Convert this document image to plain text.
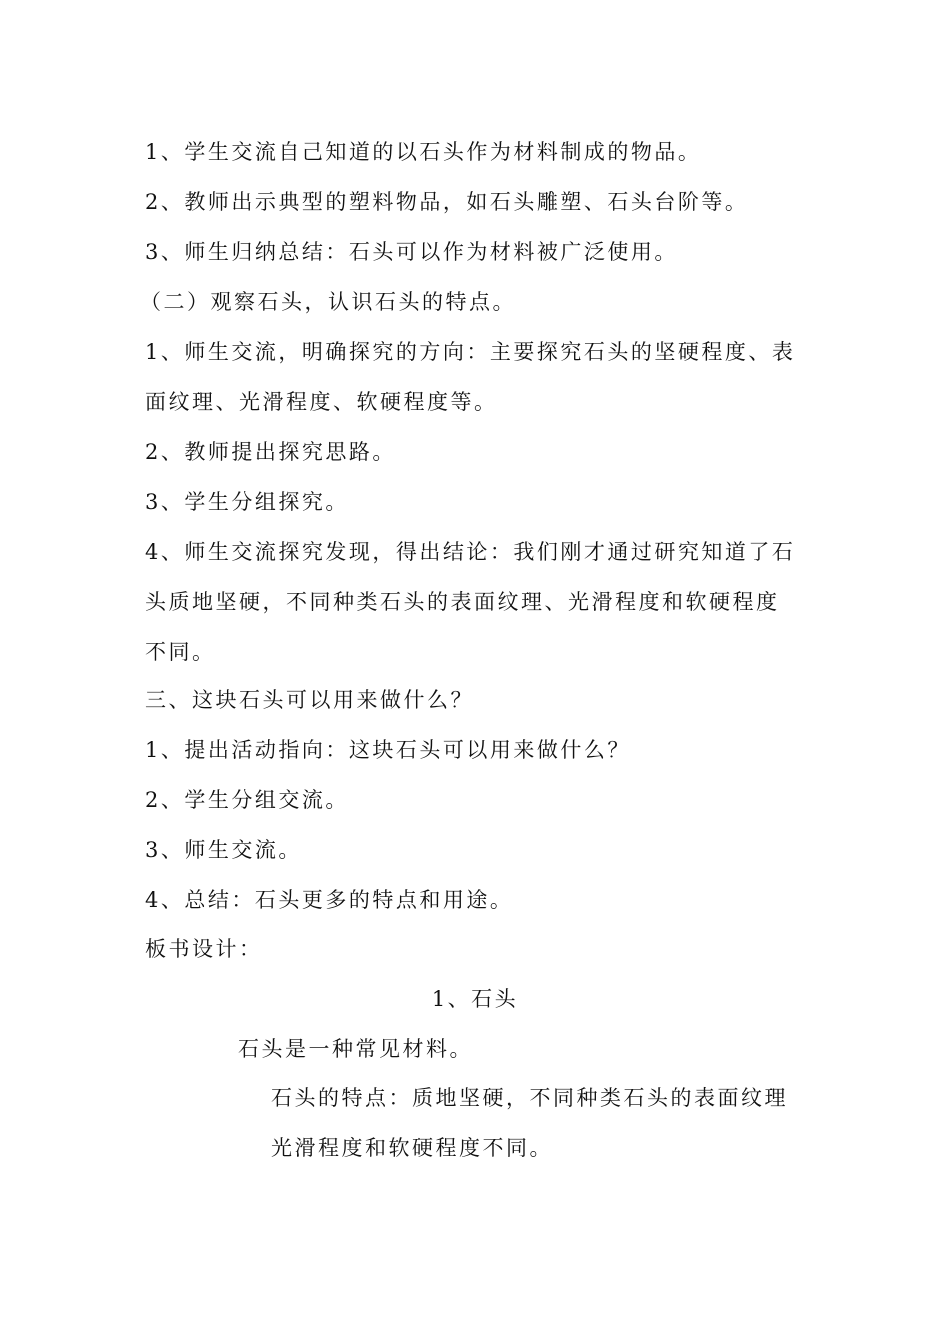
1、学生交流自己知道的以石头作为材料制成的物品。
2、教师出示典型的塑料物品，如石头雕塑、石头台阶等。
3、师生归纳总结：石头可以作为材料被广泛使用。
（二）观察石头，认识石头的特点。
1、师生交流，明确探究的方向：主要探究石头的坚硬程度、表
面纹理、光滑程度、软硬程度等。
2、教师提出探究思路。
3、学生分组探究。
4、师生交流探究发现，得出结论：我们刚才通过研究知道了石
头质地坚硬，不同种类石头的表面纹理、光滑程度和软硬程度
不同。
三、这块石头可以用来做什么？
1、提出活动指向：这块石头可以用来做什么？
2、学生分组交流。
3、师生交流。
4、总结：石头更多的特点和用途。
板书设计：
1、石头
石头是一种常见材料。
石头的特点：质地坚硬，不同种类石头的表面纹理
光滑程度和软硬程度不同。
